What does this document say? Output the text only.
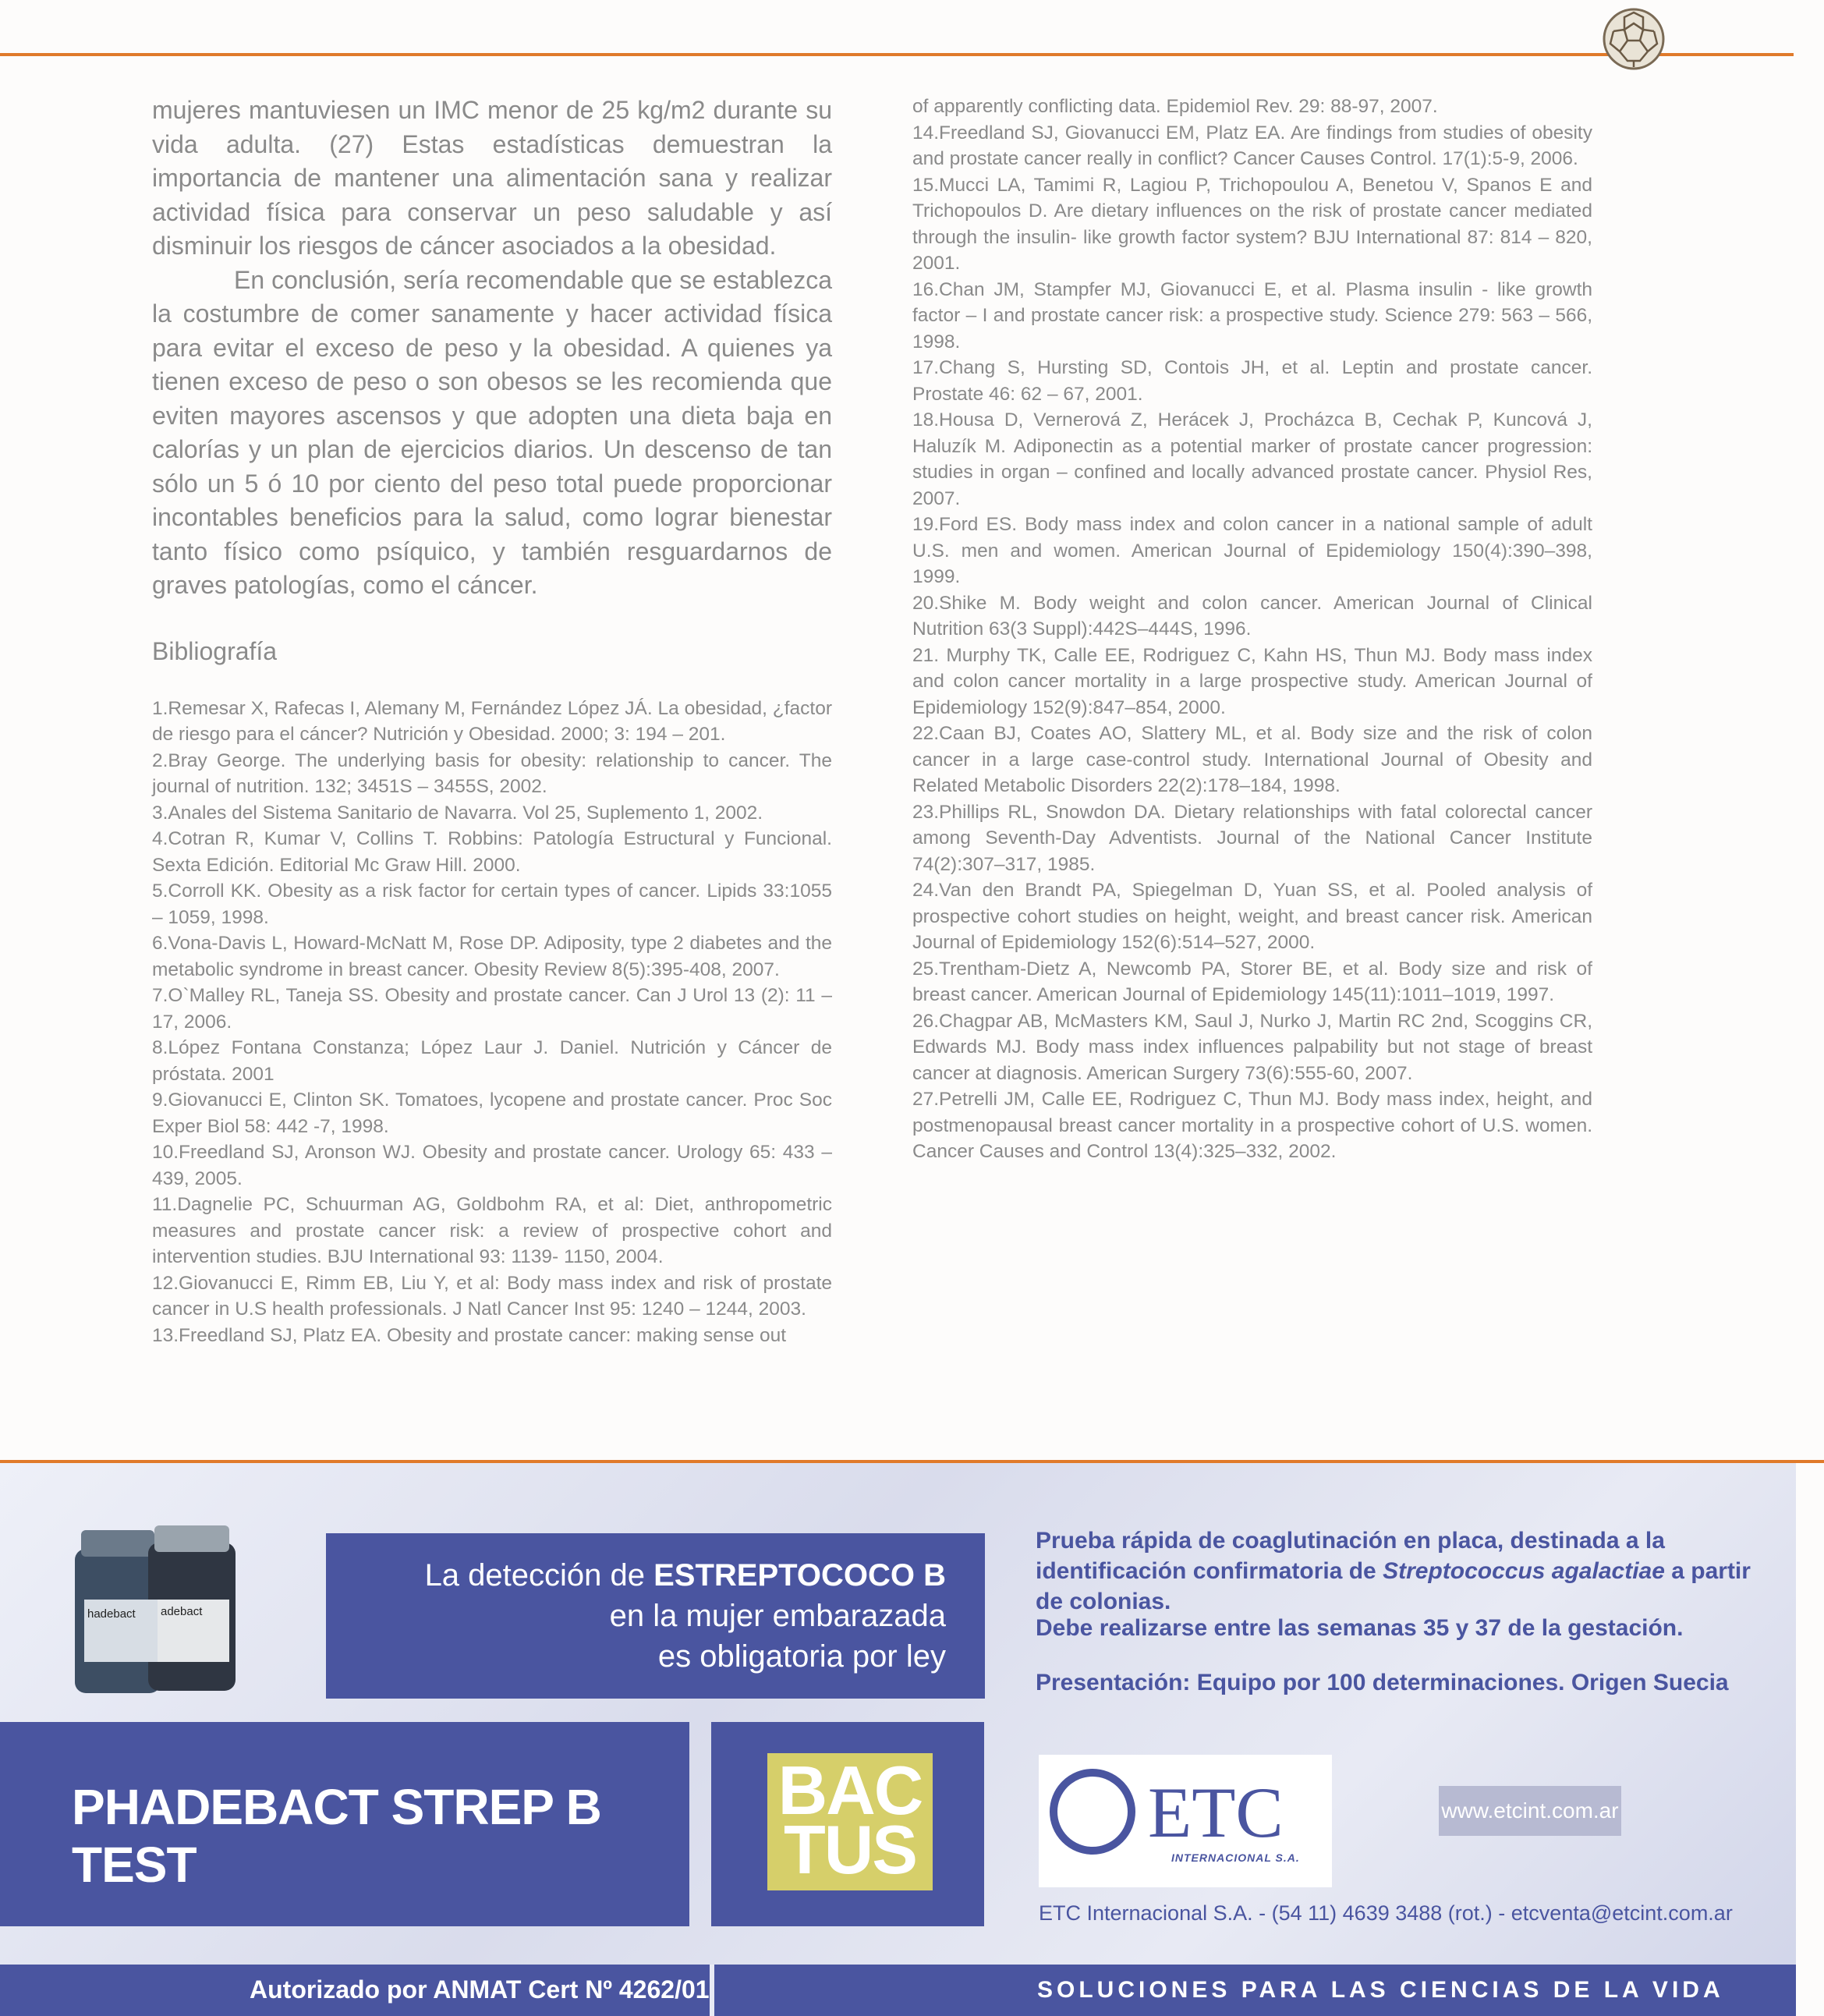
mujeres mantuviesen un IMC menor de 25 kg/m2 durante su vida adulta. (27) Estas estadísticas demuestran la importancia de mantener una alimentación sana y realizar actividad física para conservar un peso saludable y así disminuir los riesgos de cáncer asociados a la obesidad.

En conclusión, sería recomendable que se establezca la costumbre de comer sanamente y hacer actividad física para evitar el exceso de peso y la obesidad. A quienes ya tienen exceso de peso o son obesos se les recomienda que eviten mayores ascensos y que adopten una dieta baja en calorías y un plan de ejercicios diarios. Un descenso de tan sólo un 5 ó 10 por ciento del peso total puede proporcionar incontables beneficios para la salud, como lograr bienestar tanto físico como psíquico, y también resguardarnos de graves patologías, como el cáncer.

Bibliografía

1.Remesar X, Rafecas I, Alemany M, Fernández López JÁ. La obesidad, ¿factor de riesgo para el cáncer? Nutrición y Obesidad. 2000; 3: 194 – 201.

2.Bray George. The underlying basis for obesity: relationship to cancer. The journal of nutrition. 132; 3451S – 3455S, 2002.

3.Anales del Sistema Sanitario de Navarra. Vol 25, Suplemento 1, 2002.

4.Cotran R, Kumar V, Collins T. Robbins: Patología Estructural y Funcional. Sexta Edición. Editorial Mc Graw Hill. 2000.

5.Corroll KK. Obesity as a risk factor for certain types of cancer. Lipids 33:1055 – 1059, 1998.

6.Vona-Davis L, Howard-McNatt M, Rose DP. Adiposity, type 2 diabetes and the metabolic syndrome in breast cancer. Obesity Review 8(5):395-408, 2007.

7.O`Malley RL, Taneja SS. Obesity and prostate cancer. Can J Urol 13 (2): 11 – 17, 2006.

8.López Fontana Constanza; López Laur J. Daniel. Nutrición y Cáncer de próstata. 2001

9.Giovanucci E, Clinton SK. Tomatoes, lycopene and prostate cancer. Proc Soc Exper Biol 58: 442 -7, 1998.

10.Freedland SJ, Aronson WJ. Obesity and prostate cancer. Urology 65: 433 – 439, 2005.

11.Dagnelie PC, Schuurman AG, Goldbohm RA, et al: Diet, anthropometric measures and prostate cancer risk: a review of prospective cohort and intervention studies. BJU International 93: 1139- 1150, 2004.

12.Giovanucci E, Rimm EB, Liu Y, et al: Body mass index and risk of prostate cancer in U.S health professionals. J Natl Cancer Inst 95: 1240 – 1244, 2003.

13.Freedland SJ, Platz EA. Obesity and prostate cancer: making sense out

of apparently conflicting data. Epidemiol Rev. 29: 88-97, 2007.

14.Freedland SJ, Giovanucci EM, Platz EA. Are findings from studies of obesity and prostate cancer really in conflict? Cancer Causes Control. 17(1):5-9, 2006.

15.Mucci LA, Tamimi R, Lagiou P, Trichopoulou A, Benetou V, Spanos E and Trichopoulos D. Are dietary influences on the risk of prostate cancer mediated through the insulin- like growth factor system? BJU International 87: 814 – 820, 2001.

16.Chan JM, Stampfer MJ, Giovanucci E, et al. Plasma insulin - like growth factor – I and prostate cancer risk: a prospective study. Science 279: 563 – 566, 1998.

17.Chang S, Hursting SD, Contois JH, et al. Leptin and prostate cancer. Prostate 46: 62 – 67, 2001.

18.Housa D, Vernerová Z, Herácek J, Procházca B, Cechak P, Kuncová J, Haluzík M. Adiponectin as a potential marker of prostate cancer progression: studies in organ – confined and locally advanced prostate cancer. Physiol Res, 2007.

19.Ford ES. Body mass index and colon cancer in a national sample of adult U.S. men and women. American Journal of Epidemiology 150(4):390–398, 1999.

20.Shike M. Body weight and colon cancer. American Journal of Clinical Nutrition 63(3 Suppl):442S–444S, 1996.

21. Murphy TK, Calle EE, Rodriguez C, Kahn HS, Thun MJ. Body mass index and colon cancer mortality in a large prospective study. American Journal of Epidemiology 152(9):847–854, 2000.

22.Caan BJ, Coates AO, Slattery ML, et al. Body size and the risk of colon cancer in a large case-control study. International Journal of Obesity and Related Metabolic Disorders 22(2):178–184, 1998.

23.Phillips RL, Snowdon DA. Dietary relationships with fatal colorectal cancer among Seventh-Day Adventists. Journal of the National Cancer Institute 74(2):307–317, 1985.

24.Van den Brandt PA, Spiegelman D, Yuan SS, et al. Pooled analysis of prospective cohort studies on height, weight, and breast cancer risk. American Journal of Epidemiology 152(6):514–527, 2000.

25.Trentham-Dietz A, Newcomb PA, Storer BE, et al. Body size and risk of breast cancer. American Journal of Epidemiology 145(11):1011–1019, 1997.

26.Chagpar AB, McMasters KM, Saul J, Nurko J, Martin RC 2nd, Scoggins CR, Edwards MJ. Body mass index influences palpability but not stage of breast cancer at diagnosis. American Surgery 73(6):555-60, 2007.

27.Petrelli JM, Calle EE, Rodriguez C, Thun MJ. Body mass index, height, and postmenopausal breast cancer mortality in a prospective cohort of U.S. women. Cancer Causes and Control 13(4):325–332, 2002.

hadebact adebact
La detección de ESTREPTOCOCO B
en la mujer embarazada
es obligatoria por ley
PHADEBACT STREP B TEST
BAC
TUS
Prueba rápida de coaglutinación en placa, destinada a la identificación confirmatoria de Streptococcus agalactiae a partir de colonias.
Debe realizarse entre las semanas 35 y 37 de la gestación.
Presentación: Equipo por 100 determinaciones. Origen Suecia
ETC
INTERNACIONAL S.A.
www.etcint.com.ar
ETC Internacional S.A. - (54 11) 4639 3488 (rot.) - etcventa@etcint.com.ar
Autorizado por ANMAT Cert Nº 4262/01	SOLUCIONES PARA LAS CIENCIAS DE LA VIDA
